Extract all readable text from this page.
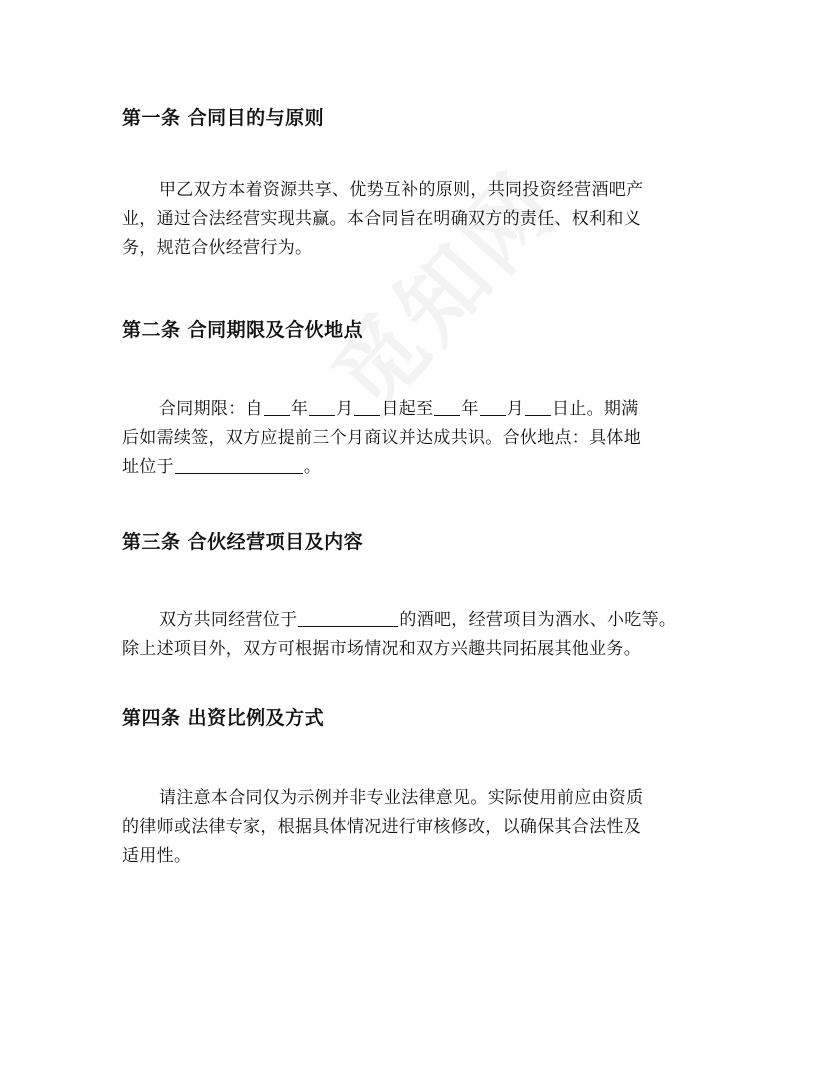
第一条 合同目的与原则
甲乙双方本着资源共享、优势互补的原则，共同投资经营酒吧产
业，通过合法经营实现共赢。本合同旨在明确双方的责任、权利和义
务，规范合伙经营行为。
第二条 合同期限及合伙地点
合同期限：自 年 月 日起至 年 月 日止。期满
后如需续签，双方应提前三个月商议并达成共识。合伙地点：具体地
址位于	。
第三条 合伙经营项目及内容
双方共同经营位于	的酒吧，经营项目为酒水、小吃等。
除上述项目外，双方可根据市场情况和双方兴趣共同拓展其他业务。
第四条 出资比例及方式
请注意本合同仅为示例并非专业法律意见。实际使用前应由资质
的律师或法律专家，根据具体情况进行审核修改，以确保其合法性及
适用性。
